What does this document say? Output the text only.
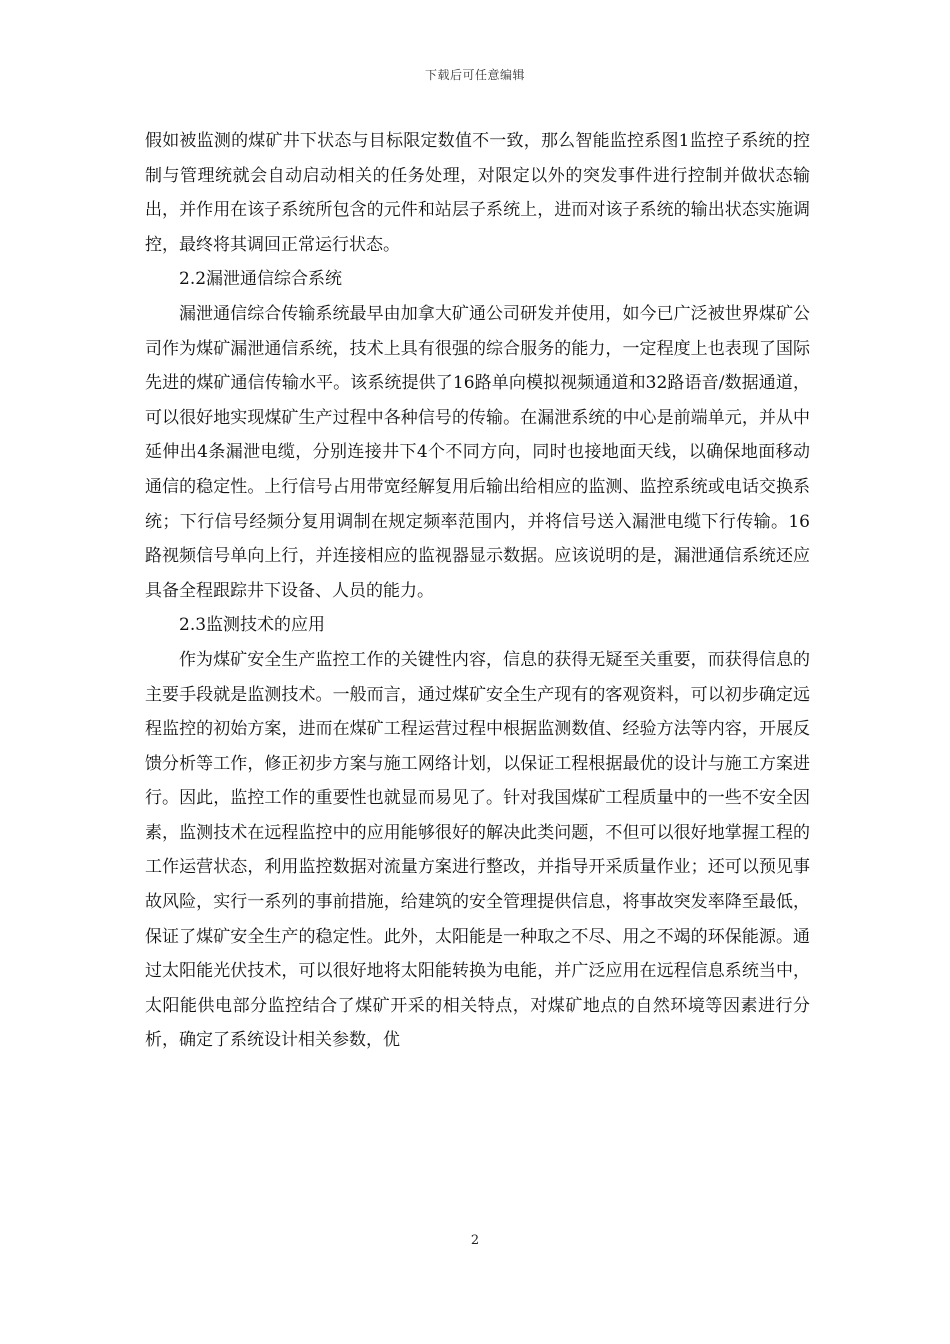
下载后可任意编辑

假如被监测的煤矿井下状态与目标限定数值不一致，那么智能监控系图1监控子系统的控制与管理统就会自动启动相关的任务处理，对限定以外的突发事件进行控制并做状态输出，并作用在该子系统所包含的元件和站层子系统上，进而对该子系统的输出状态实施调控，最终将其调回正常运行状态。

2.2漏泄通信综合系统

漏泄通信综合传输系统最早由加拿大矿通公司研发并使用，如今已广泛被世界煤矿公司作为煤矿漏泄通信系统，技术上具有很强的综合服务的能力，一定程度上也表现了国际先进的煤矿通信传输水平。该系统提供了16路单向模拟视频通道和32路语音/数据通道，可以很好地实现煤矿生产过程中各种信号的传输。在漏泄系统的中心是前端单元，并从中延伸出4条漏泄电缆，分别连接井下4个不同方向，同时也接地面天线，以确保地面移动通信的稳定性。上行信号占用带宽经解复用后输出给相应的监测、监控系统或电话交换系统；下行信号经频分复用调制在规定频率范围内，并将信号送入漏泄电缆下行传输。16路视频信号单向上行，并连接相应的监视器显示数据。应该说明的是，漏泄通信系统还应具备全程跟踪井下设备、人员的能力。

2.3监测技术的应用

作为煤矿安全生产监控工作的关键性内容，信息的获得无疑至关重要，而获得信息的主要手段就是监测技术。一般而言，通过煤矿安全生产现有的客观资料，可以初步确定远程监控的初始方案，进而在煤矿工程运营过程中根据监测数值、经验方法等内容，开展反馈分析等工作，修正初步方案与施工网络计划，以保证工程根据最优的设计与施工方案进行。因此，监控工作的重要性也就显而易见了。针对我国煤矿工程质量中的一些不安全因素，监测技术在远程监控中的应用能够很好的解决此类问题，不但可以很好地掌握工程的工作运营状态，利用监控数据对流量方案进行整改，并指导开采质量作业；还可以预见事故风险，实行一系列的事前措施，给建筑的安全管理提供信息，将事故突发率降至最低，保证了煤矿安全生产的稳定性。此外，太阳能是一种取之不尽、用之不竭的环保能源。通过太阳能光伏技术，可以很好地将太阳能转换为电能，并广泛应用在远程信息系统当中，太阳能供电部分监控结合了煤矿开采的相关特点，对煤矿地点的自然环境等因素进行分析，确定了系统设计相关参数，优

2
